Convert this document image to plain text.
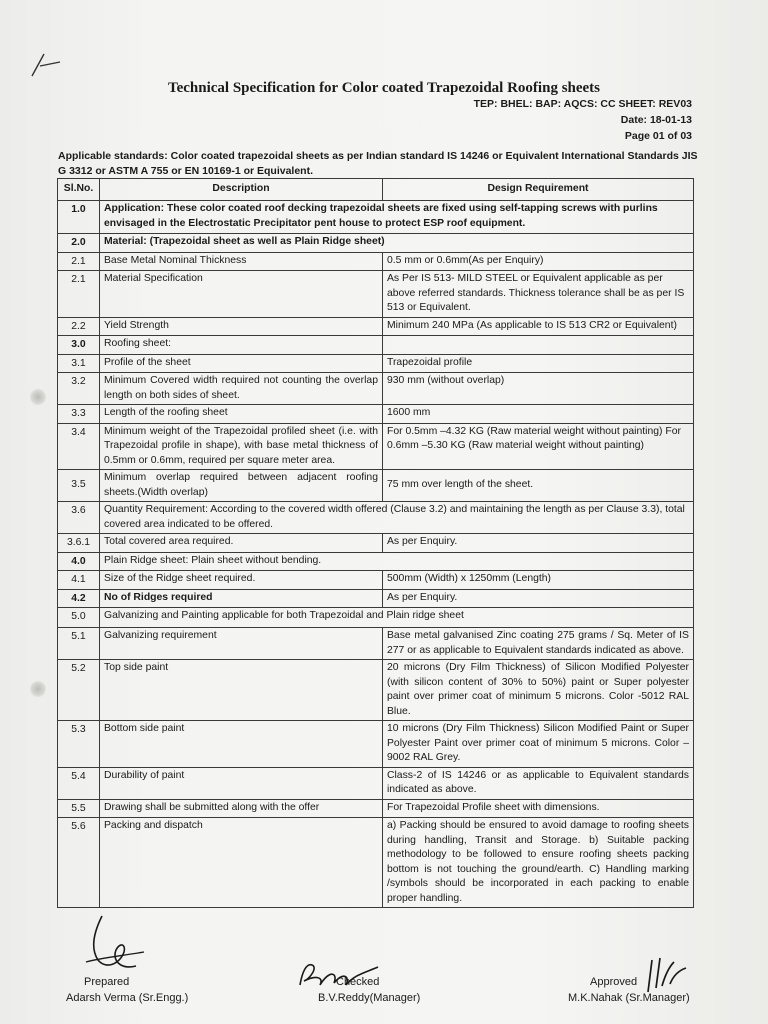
Technical Specification for Color coated Trapezoidal Roofing sheets
TEP: BHEL: BAP: AQCS: CC SHEET: REV03
Date: 18-01-13
Page 01 of 03
Applicable standards: Color coated trapezoidal sheets as per Indian standard IS 14246 or Equivalent International Standards JIS G 3312 or ASTM A 755 or EN 10169-1 or Equivalent.
Sl.No.	Description	Design Requirement
1.0	Application: These color coated roof decking trapezoidal sheets are fixed using self-tapping screws with purlins envisaged in the Electrostatic Precipitator pent house to protect ESP roof equipment.	
2.0	Material: (Trapezoidal sheet as well as Plain Ridge sheet)	
2.1	Base Metal Nominal Thickness	0.5 mm or 0.6mm(As per Enquiry)
2.1	Material Specification	As Per IS 513- MILD STEEL or Equivalent applicable as per above referred standards. Thickness tolerance shall be as per IS 513 or Equivalent.
2.2	Yield Strength	Minimum 240 MPa (As applicable to IS 513 CR2 or Equivalent)
3.0	Roofing sheet:	
3.1	Profile of the sheet	Trapezoidal profile
3.2	Minimum Covered width required not counting the overlap length on both sides of sheet.	930 mm (without overlap)
3.3	Length of the roofing sheet	1600 mm
3.4	Minimum weight of the Trapezoidal profiled sheet (i.e. with Trapezoidal profile in shape), with base metal thickness of 0.5mm or 0.6mm, required per square meter area.	For 0.5mm –4.32 KG (Raw material weight without painting) For 0.6mm –5.30 KG (Raw material weight without painting)
3.5	Minimum overlap required between adjacent roofing sheets.(Width overlap)	75 mm over length of the sheet.
3.6	Quantity Requirement: According to the covered width offered (Clause 3.2) and maintaining the length as per Clause 3.3), total covered area indicated to be offered.	
3.6.1	Total covered area required.	As per Enquiry.
4.0	Plain Ridge sheet: Plain sheet without bending.	
4.1	Size of the Ridge sheet required.	500mm (Width) x 1250mm (Length)
4.2	No of Ridges required	As per Enquiry.
5.0	Galvanizing and Painting applicable for both Trapezoidal and Plain ridge sheet	
5.1	Galvanizing requirement	Base metal galvanised Zinc coating 275 grams / Sq. Meter of IS 277 or as applicable to Equivalent standards indicated as above.
5.2	Top side paint	20 microns (Dry Film Thickness) of Silicon Modified Polyester (with silicon content of 30% to 50%) paint or Super polyester paint over primer coat of minimum 5 microns. Color -5012 RAL Blue.
5.3	Bottom side paint	10 microns (Dry Film Thickness) Silicon Modified Paint or Super Polyester Paint over primer coat of minimum 5 microns. Color – 9002 RAL Grey.
5.4	Durability of paint	Class-2 of IS 14246 or as applicable to Equivalent standards indicated as above.
5.5	Drawing shall be submitted along with the offer	For Trapezoidal Profile sheet with dimensions.
5.6	Packing and dispatch	a) Packing should be ensured to avoid damage to roofing sheets during handling, Transit and Storage. b) Suitable packing methodology to be followed to ensure roofing sheets packing bottom is not touching the ground/earth. C) Handling marking /symbols should be incorporated in each packing to enable proper handling.
Prepared
Adarsh Verma (Sr.Engg.)
Checked
B.V.Reddy(Manager)
Approved
M.K.Nahak (Sr.Manager)
